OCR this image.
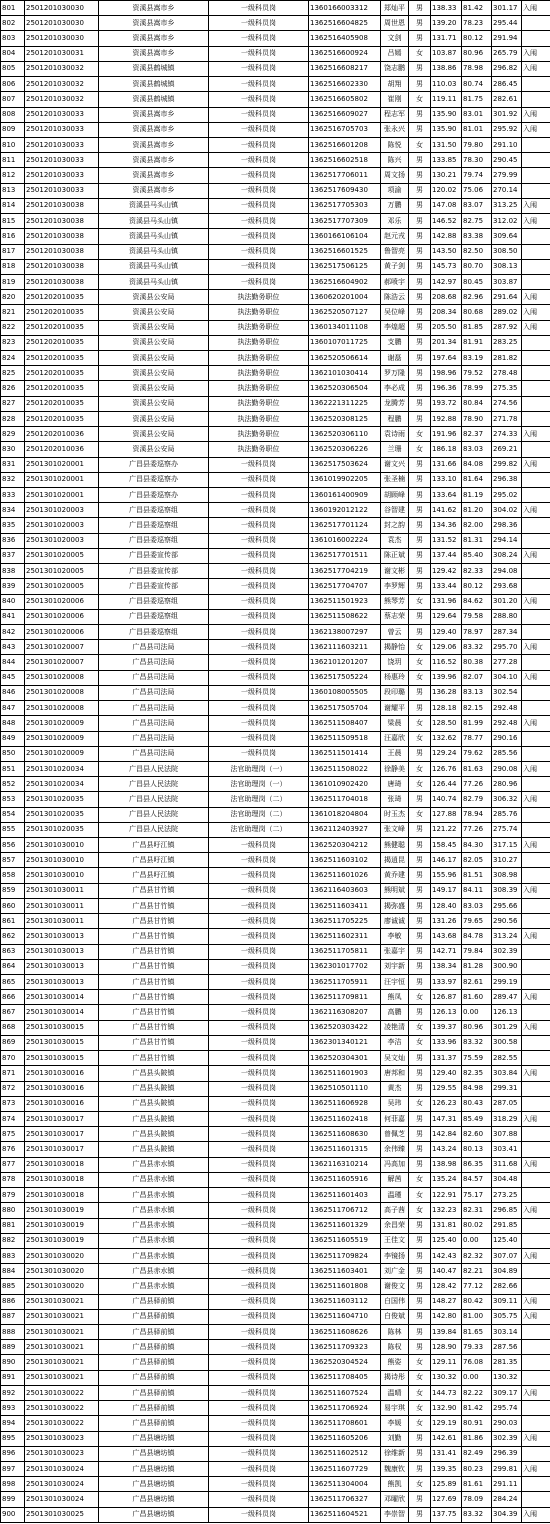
801	2501201030030	资溪县嵩市乡	一级科员岗	1360166003312	郑灿平	男	138.33	81.42	301.17	入闱	
802	2501201030030	资溪县嵩市乡	一级科员岗	1362516604825	周世恩	男	139.20	78.23	295.44		
803	2501201030030	资溪县嵩市乡	一级科员岗	1362516405908	文剑	男	131.71	80.12	291.94		
804	2501201030031	资溪县嵩市乡	一级科员岗	1362516600924	吕嫣	女	103.87	80.96	265.79	入闱	
805	2501201030032	资溪县鹤城镇	一级科员岗	1362516608217	饶志鹏	男	138.86	78.98	296.82	入闱	
806	2501201030032	资溪县鹤城镇	一级科员岗	1362516602330	胡翔	男	110.03	80.74	286.45		
807	2501201030032	资溪县鹤城镇	一级科员岗	1362516605802	崔刚	女	119.11	81.75	282.61		
808	2501201030033	资溪县嵩市乡	一级科员岗	1362516609027	程志军	男	135.90	83.01	301.92	入闱	
809	2501201030033	资溪县嵩市乡	一级科员岗	1362516705703	张永兴	男	135.90	81.01	295.92	入闱	
810	2501201030033	资溪县嵩市乡	一级科员岗	1362516601208	陈悦	女	131.50	79.80	291.10		
811	2501201030033	资溪县嵩市乡	一级科员岗	1362516602518	陈兴	男	133.85	78.30	290.45		
812	2501201030033	资溪县嵩市乡	一级科员岗	1362517706011	周文扬	男	130.21	79.74	279.99		
813	2501201030033	资溪县嵩市乡	一级科员岗	1362517609430	项渝	男	120.02	75.06	270.14		
814	2501201030038	资溪县马头山镇	一级科员岗	1362517705303	万鹏	男	147.08	83.07	313.25	入闱	
815	2501201030038	资溪县马头山镇	一级科员岗	1362517707309	邓乐	男	146.52	82.75	312.02	入闱	
816	2501201030038	资溪县马头山镇	一级科员岗	1360166106104	赵元戎	男	142.88	83.38	309.64		
817	2501201030038	资溪县马头山镇	一级科员岗	1362516601525	鲁智亮	男	143.50	82.50	308.50		
818	2501201030038	资溪县马头山镇	一级科员岗	1362517506125	黄子剑	男	145.73	80.70	308.13		
819	2501201030038	资溪县马头山镇	一级科员岗	1362516604902	郝喷宇	男	142.97	80.45	303.87		
820	2501202010035	资溪县公安局	执法勤务职位	1360620201004	陈浩云	男	208.68	82.96	291.64	入闱	
821	2501202010035	资溪县公安局	执法勤务职位	1362520507127	吴位峰	男	208.34	80.68	289.02	入闱	
822	2501202010035	资溪县公安局	执法勤务职位	1360134011108	李煌超	男	205.50	81.85	287.92	入闱	
823	2501202010035	资溪县公安局	执法勤务职位	1360107011725	支鹏	男	201.34	81.91	283.25		
824	2501202010035	资溪县公安局	执法勤务职位	1362520506614	谢磊	男	197.64	83.19	281.82		
825	2501202010035	资溪县公安局	执法勤务职位	1362101030414	罗万隆	男	198.96	79.52	278.48		
826	2501202010035	资溪县公安局	执法勤务职位	1362520306504	李必成	男	196.36	78.99	275.35		
827	2501202010035	资溪县公安局	执法勤务职位	1362221311225	龙腾芳	男	193.72	80.84	274.56		
828	2501202010035	资溪县公安局	执法勤务职位	1362520308125	程鹏	男	192.88	78.90	271.78		
829	2501202010036	资溪县公安局	执法勤务职位	1362520306110	袁诗雨	女	191.96	82.37	274.33	入闱	
830	2501202010036	资溪县公安局	执法勤务职位	1362520306226	兰珊	女	186.18	83.03	269.21		
831	2501301020001	广昌县委巡察办	一级科员岗	1362517503624	谢文兴	男	131.66	84.08	299.82	入闱	
832	2501301020001	广昌县委巡察办	一级科员岗	1361019902205	张圣楠	男	133.10	81.64	296.38		
833	2501301020001	广昌县委巡察办	一级科员岗	1360161400909	胡顾峰	男	133.64	81.19	295.02		
834	2501301020003	广昌县委巡察组	一级科员岗	1360192012122	谷智建	男	141.62	81.20	304.02	入闱	
835	2501301020003	广昌县委巡察组	一级科员岗	1362517701124	封之韵	男	134.36	82.00	298.36		
836	2501301020003	广昌县委巡察组	一级科员岗	1361016002224	袁杰	男	131.52	81.31	294.14		
837	2501301020005	广昌县委宣传部	一级科员岗	1362517701511	陈正斌	男	137.44	85.40	308.24	入闱	
838	2501301020005	广昌县委宣传部	一级科员岗	1362517704219	谢文彬	男	129.42	82.33	294.08		
839	2501301020005	广昌县委宣传部	一级科员岗	1362517704707	李罗辉	男	133.44	80.12	293.68		
840	2501301020006	广昌县委巡察组	一级科员岗	1362511501923	熊琴芳	女	131.96	84.62	301.20	入闱	
841	2501301020006	广昌县委巡察组	一级科员岗	1362511508622	蔡志荣	男	129.64	79.58	288.80		
842	2501301020006	广昌县委巡察组	一级科员岗	1362138007297	曾云	男	129.40	78.97	287.34		
843	2501301020007	广昌县司法局	一级科员岗	1362111603211	揭静怡	女	129.06	83.32	295.70	入闱	
844	2501301020007	广昌县司法局	一级科员岗	1362101201207	饶玥	女	116.52	80.38	277.28		
845	2501301020008	广昌县司法局	一级科员岗	1362517505224	杨惠玲	女	139.96	82.07	304.10	入闱	
846	2501301020008	广昌县司法局	一级科员岗	1360108005505	段印璐	男	136.28	83.13	302.54		
847	2501301020008	广昌县司法局	一级科员岗	1362517505704	谢耀平	男	128.18	82.15	292.48		
848	2501301020009	广昌县司法局	一级科员岗	1362511508407	梁晨	女	128.50	81.99	292.48	入闱	
849	2501301020009	广昌县司法局	一级科员岗	1362511509518	汪嘉欣	女	132.62	78.77	290.16		
850	2501301020009	广昌县司法局	一级科员岗	1362511501414	王晨	男	129.24	79.62	285.56		
851	2501301020034	广昌县人民法院	法官助理岗（一）	1362511508022	徐静美	女	126.76	81.63	290.08	入闱	
852	2501301020034	广昌县人民法院	法官助理岗（一）	1361010902420	唐琦	女	126.44	77.26	280.96		
853	2501301020035	广昌县人民法院	法官助理岗（二）	1362511704018	张琦	男	140.74	82.79	306.32	入闱	
854	2501301020035	广昌县人民法院	法官助理岗（二）	1361018204804	时玉杰	女	127.88	78.94	285.76		
855	2501301020035	广昌县人民法院	法官助理岗（二）	1362112403927	张文峰	男	121.22	77.26	275.74		
856	2501301030010	广昌县旴江镇	一级科员岗	1362520304212	熊健聪	男	158.45	84.30	317.15	入闱	
857	2501301030010	广昌县旴江镇	一级科员岗	1362511603102	揭逍昆	男	146.17	82.05	310.27		
858	2501301030010	广昌县旴江镇	一级科员岗	1362511601026	黄乔建	男	155.96	81.51	308.98		
859	2501301030011	广昌县甘竹镇	一级科员岗	1362116403603	熊明斌	男	149.17	84.11	308.39	入闱	
860	2501301030011	广昌县甘竹镇	一级科员岗	1362511603411	揭弥盛	男	128.40	83.03	295.66		
861	2501301030011	广昌县甘竹镇	一级科员岗	1362511705225	廖诚诚	男	131.26	79.65	290.56		
862	2501301030013	广昌县甘竹镇	一级科员岗	1362511602311	李敏	男	143.68	84.78	313.24	入闱	
863	2501301030013	广昌县甘竹镇	一级科员岗	1362511705811	张嘉宇	男	142.71	79.84	302.39		
864	2501301030013	广昌县甘竹镇	一级科员岗	1362301017702	刘宇新	男	138.34	81.28	300.90		
865	2501301030013	广昌县甘竹镇	一级科员岗	1362511705911	汪宇恒	男	133.97	82.61	299.19		
866	2501301030014	广昌县甘竹镇	一级科员岗	1362511709811	熊凤	女	126.87	81.60	289.47	入闱	
867	2501301030014	广昌县甘竹镇	一级科员岗	1362116308207	高鹏	男	126.13	0.00	126.13		
868	2501301030015	广昌县甘竹镇	一级科员岗	1362520303422	凌艳清	女	139.37	80.96	301.29	入闱	
869	2501301030015	广昌县甘竹镇	一级科员岗	1362301340121	李洁	女	133.96	83.32	300.58		
870	2501301030015	广昌县甘竹镇	一级科员岗	1362520304301	吴文灿	男	131.37	75.59	282.55		
871	2501301030016	广昌县头陂镇	一级科员岗	1362511601903	唐邦和	男	129.40	82.35	303.84	入闱	
872	2501301030016	广昌县头陂镇	一级科员岗	1362510501110	黄杰	男	129.55	84.98	299.31		
873	2501301030016	广昌县头陂镇	一级科员岗	1362511606928	吴玮	女	126.23	80.43	287.05		
874	2501301030017	广昌县头陂镇	一级科员岗	1362511602418	何菲嘉	男	147.31	85.49	318.29	入闱	
875	2501301030017	广昌县头陂镇	一级科员岗	1362511608630	曾佩芝	男	142.84	82.60	307.88		
876	2501301030017	广昌县头陂镇	一级科员岗	1362511601315	余伟臻	男	143.24	80.13	303.41		
877	2501301030018	广昌县赤水镇	一级科员岗	1362116310214	冯高加	男	138.98	86.35	311.68	入闱	
878	2501301030018	广昌县赤水镇	一级科员岗	1362511605916	解茜	女	135.24	84.57	304.48		
879	2501301030018	广昌县赤水镇	一级科员岗	1362511601403	温瑾	女	122.91	75.17	273.25		
880	2501301030019	广昌县赤水镇	一级科员岗	1362511706712	高子茜	女	132.23	82.31	296.85	入闱	
881	2501301030019	广昌县赤水镇	一级科员岗	1362511601329	余昌荣	男	131.81	80.02	291.85		
882	2501301030019	广昌县赤水镇	一级科员岗	1362511605519	王佳文	男	125.40	0.00	125.40		
883	2501301030020	广昌县赤水镇	一级科员岗	1362511709824	李镜扬	男	142.43	82.32	307.07	入闱	
884	2501301030020	广昌县赤水镇	一级科员岗	1362511603401	刘广金	男	140.47	82.21	304.89		
885	2501301030020	广昌县赤水镇	一级科员岗	1362511601808	谢俊文	男	128.42	77.12	282.66		
886	2501301030021	广昌县驿前镇	一级科员岗	1362511603112	白国伟	男	148.27	80.42	309.11	入闱	
887	2501301030021	广昌县驿前镇	一级科员岗	1362511604710	白俊斌	男	142.80	81.00	305.75	入闱	
888	2501301030021	广昌县驿前镇	一级科员岗	1362511608626	陈林	男	139.84	81.65	303.14		
889	2501301030021	广昌县驿前镇	一级科员岗	1362511709323	陈权	男	128.90	79.33	287.56		
890	2501301030021	广昌县驿前镇	一级科员岗	1362520304524	熊姿	女	129.11	76.08	281.35		
891	2501301030021	广昌县驿前镇	一级科员岗	1362511708405	揭诗彤	女	130.32	0.00	130.32		
892	2501301030022	广昌县驿前镇	一级科员岗	1362511607524	温晴	女	144.73	82.22	309.17	入闱	
893	2501301030022	广昌县驿前镇	一级科员岗	1362511706924	易宇琪	女	132.90	81.42	295.74		
894	2501301030022	广昌县驿前镇	一级科员岗	1362511708601	李媛	女	129.19	80.91	290.03		
895	2501301030023	广昌县塘坊镇	一级科员岗	1362511605206	刘勤	男	142.61	81.86	302.39	入闱	
896	2501301030023	广昌县塘坊镇	一级科员岗	1362511602512	徐维新	男	131.41	82.49	296.39		
897	2501301030024	广昌县塘坊镇	一级科员岗	1362511607729	魏康钦	男	139.35	80.23	299.81	入闱	
898	2501301030024	广昌县塘坊镇	一级科员岗	1362511304004	熊凯	女	125.89	81.61	291.11		
899	2501301030024	广昌县塘坊镇	一级科员岗	1362511706327	邓曜欣	男	127.69	78.09	284.24		
900	2501301030025	广昌县塘坊镇	一级科员岗	1362511604521	李崇智	男	137.75	83.32	304.39	入闱	
